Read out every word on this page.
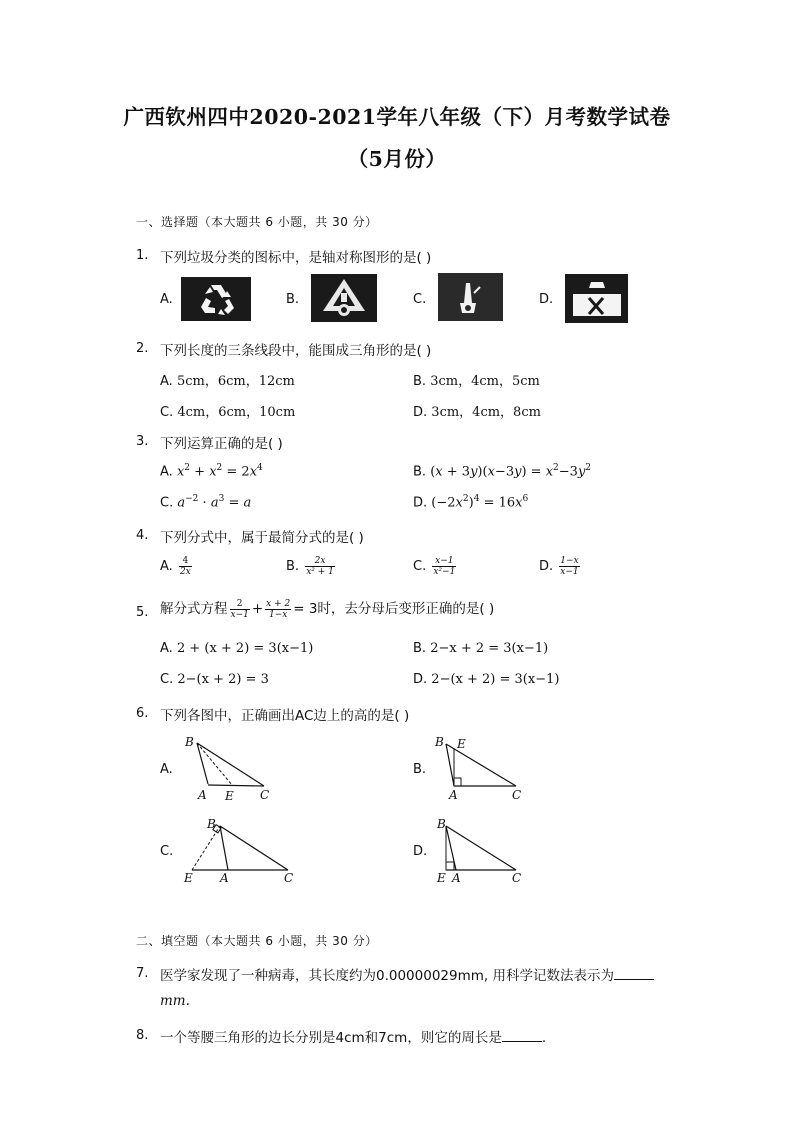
广西钦州四中2020-2021学年八年级（下）月考数学试卷
（5月份）
一、选择题（本大题共 6 小题，共 30 分）
1. 下列垃圾分类的图标中，是轴对称图形的是( )
A.	B.	C.	D.
2. 下列长度的三条线段中，能围成三角形的是( )
A. 5cm，6cm，12cm	B. 3cm，4cm，5cm
C. 4cm，6cm，10cm	D. 3cm，4cm，8cm
3. 下列运算正确的是( )
A. $x^2 + x^2 = 2x^4$	B. $(x + 3y)(x-3y) = x^2-3y^2$
C. $a^{-2} \cdot a^3 = a$	D. $(-2x^2)^4 = 16x^6$
4. 下列分式中，属于最简分式的是( )
A. $\frac{4}{2x}$	B. $\frac{2x}{\text{x² + 1}}$	C. $\frac{x-1}{\text{x²−1}}$	D. $\frac{1-x}{x-1}$
5. 解分式方程 $\frac{2}{x-1} + \frac{x + 2}{1-x} = 3$时，去分母后变形正确的是( )
A. 2 + (x + 2) = 3(x−1)	B. 2−x + 2 = 3(x−1)
C. 2−(x + 2) = 3	D. 2−(x + 2) = 3(x−1)
6. 下列各图中，正确画出AC边上的高的是( )
A.
B
A E C
B.
B E
A	C
C.
B
E A	C
D.
B
E A	C
二、填空题（本大题共 6 小题，共 30 分）
7. 医学家发现了一种病毒，其长度约为0.00000029mm, 用科学记数法表示为
mm.
8. 一个等腰三角形的边长分别是4cm和7cm，则它的周长是	.
